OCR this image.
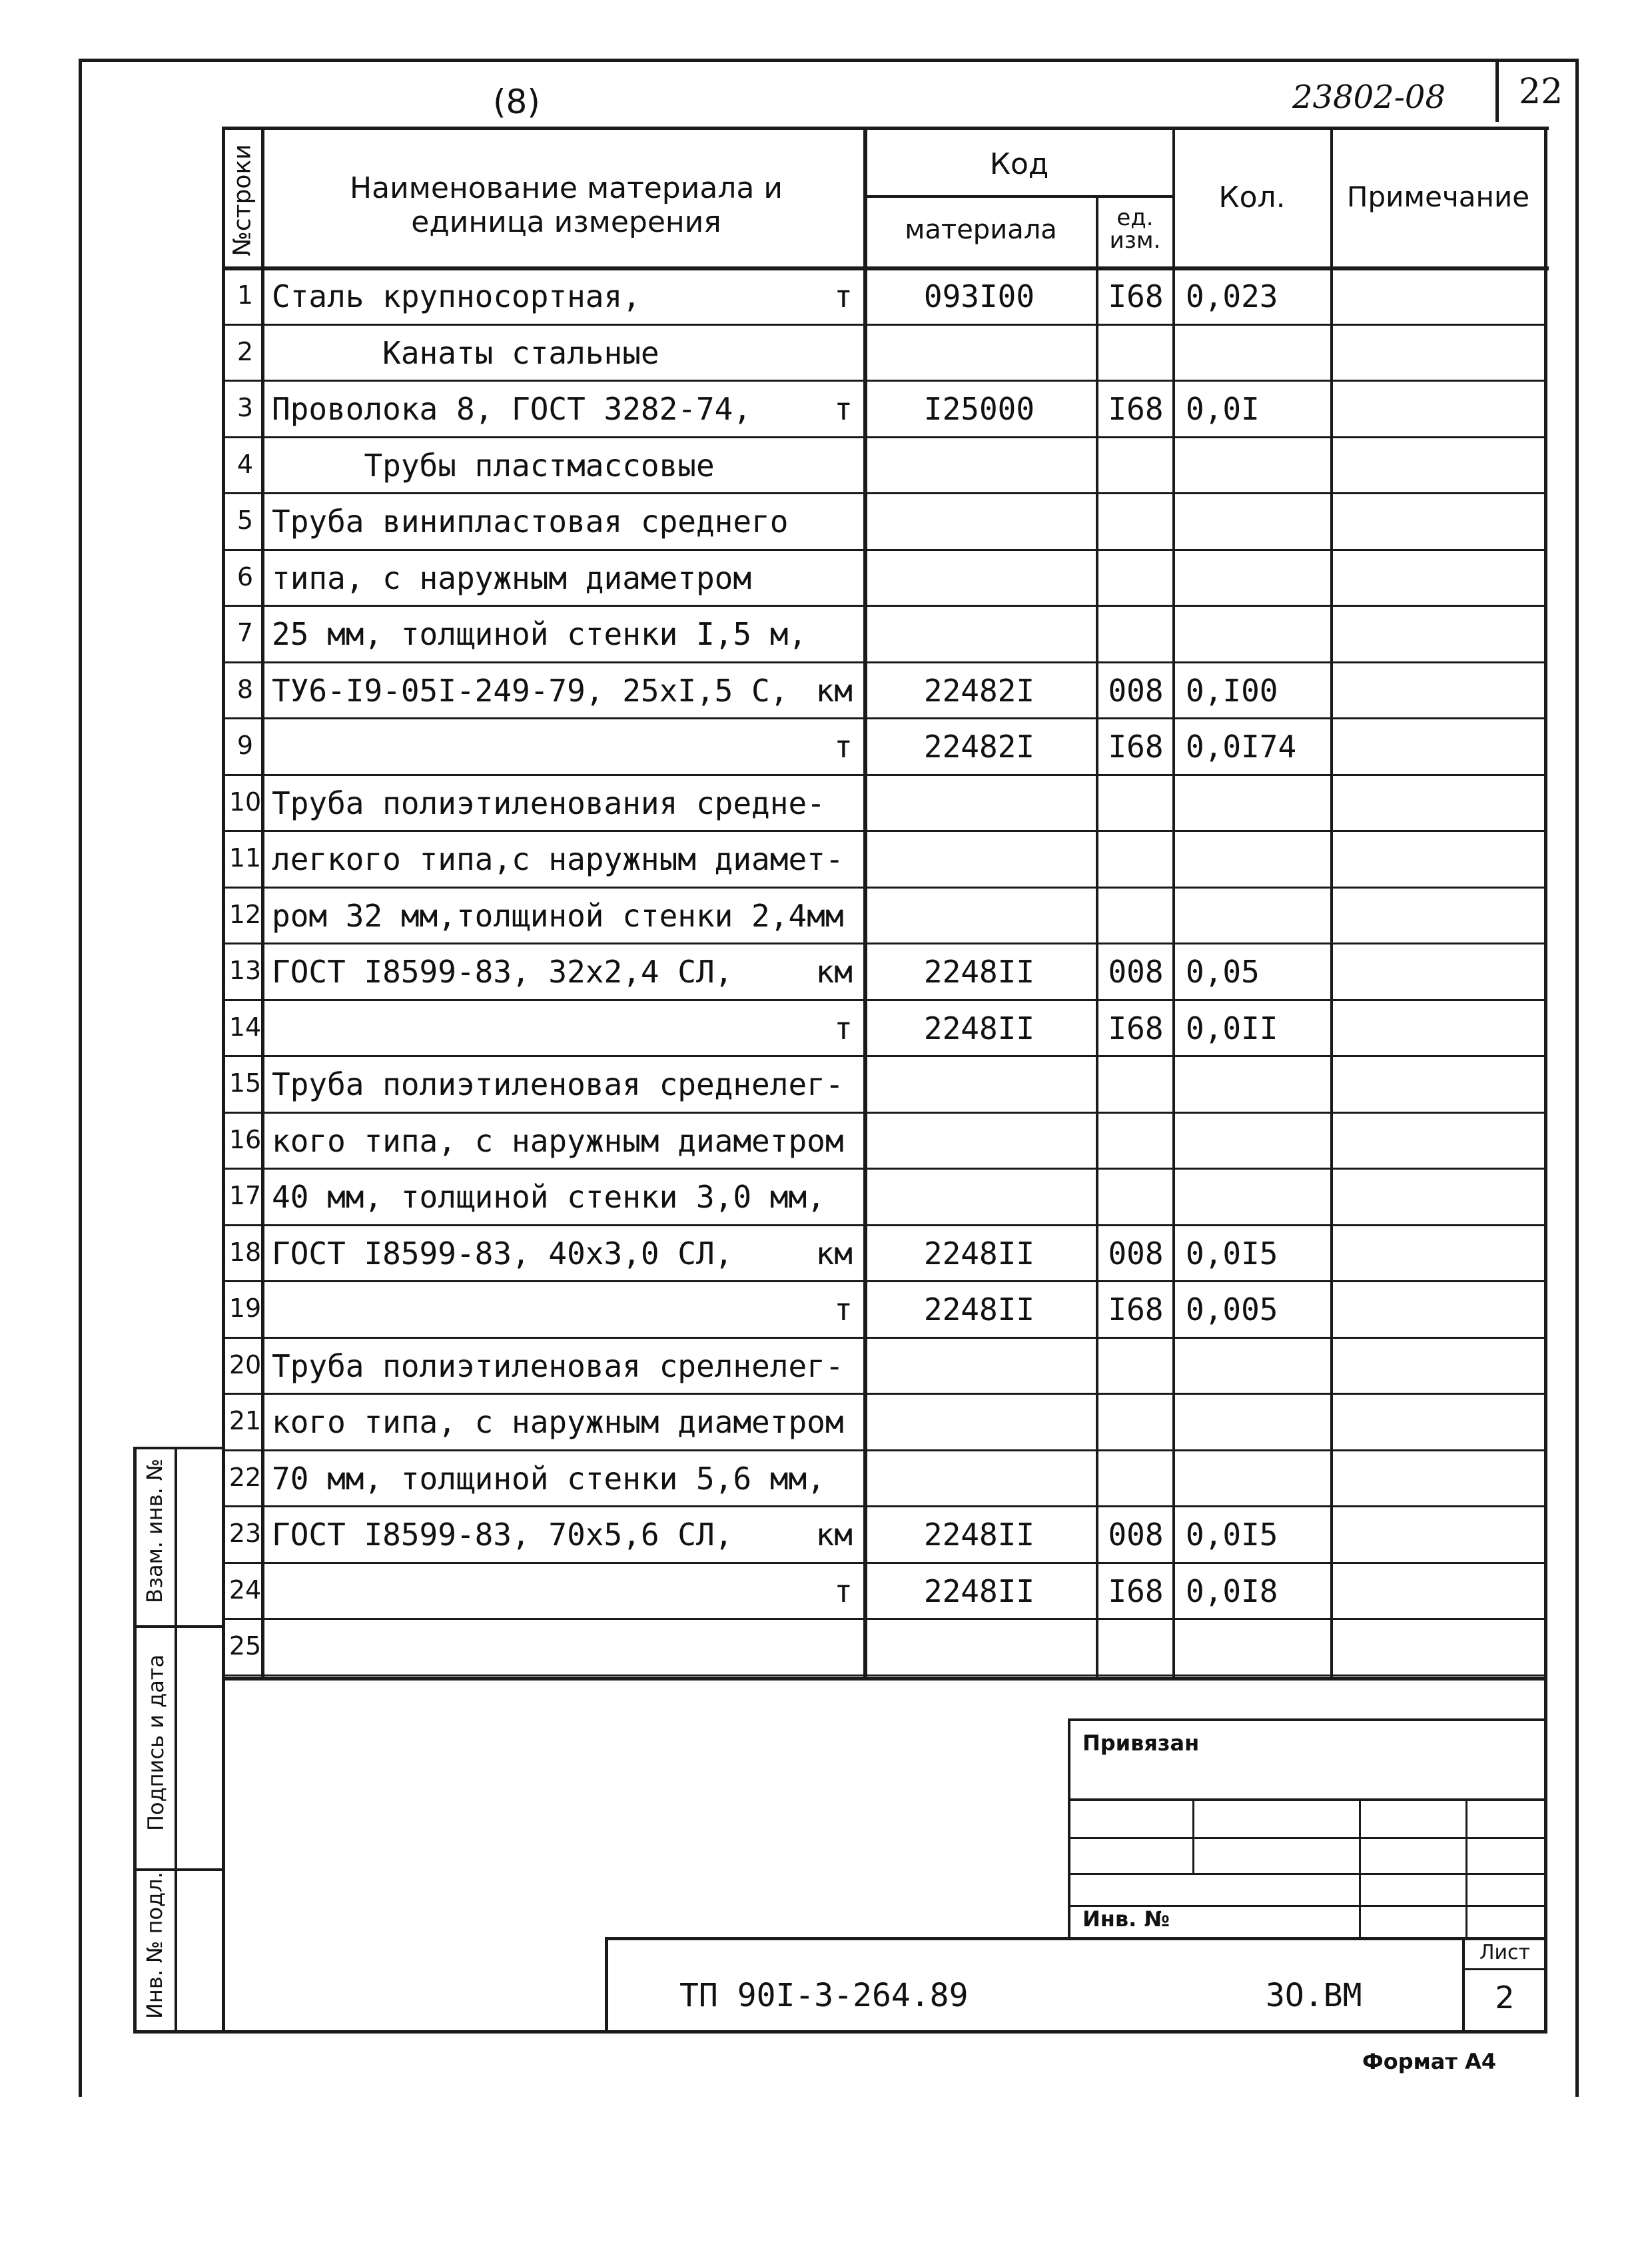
(8)	23802-08 22
№строки	Наименование материала и
единица измерения
Код
материала	ед.
изм.
Кол.	Примечание
1 Сталь крупносортная,	т	093I00	I68 0,023
2 Канаты стальные
3 Проволока 8, ГОСТ 3282-74,	т	I25000	I68 0,0I
4 Трубы пластмассовые
5 Труба винипластовая среднего
6 типа, с наружным диаметром
7 25 мм, толщиной стенки I,5 м,
8 ТУ6-I9-05I-249-79, 25хI,5 С, км	22482I	008 0,I00
9	т	22482I	I68 0,0I74
10 Труба полиэтиленования средне-
11 легкого типа,с наружным диамет-
12 ром 32 мм,толщиной стенки 2,4мм
13 ГОСТ I8599-83, 32х2,4 СЛ,	км	2248II	008 0,05
14	т	2248II	I68 0,0II
15 Труба полиэтиленовая среднелег-
16 кого типа, с наружным диаметром
17 40 мм, толщиной стенки 3,0 мм,
18 ГОСТ I8599-83, 40х3,0 СЛ,	км	2248II	008 0,0I5
19	т	2248II	I68 0,005
20 Труба полиэтиленовая срелнелег-
21 кого типа, с наружным диаметром
22 70 мм, толщиной стенки 5,6 мм,
23 ГОСТ I8599-83, 70х5,6 СЛ,	км	2248II	008 0,0I5
24	т	2248II	I68 0,0I8
25
Взам. инв. №
Подпись и дата
Инв. № подл.
Привязан
Инв. №
ТП 90I-3-264.89	ЗО.ВМ
Лист
2
Формат А4
